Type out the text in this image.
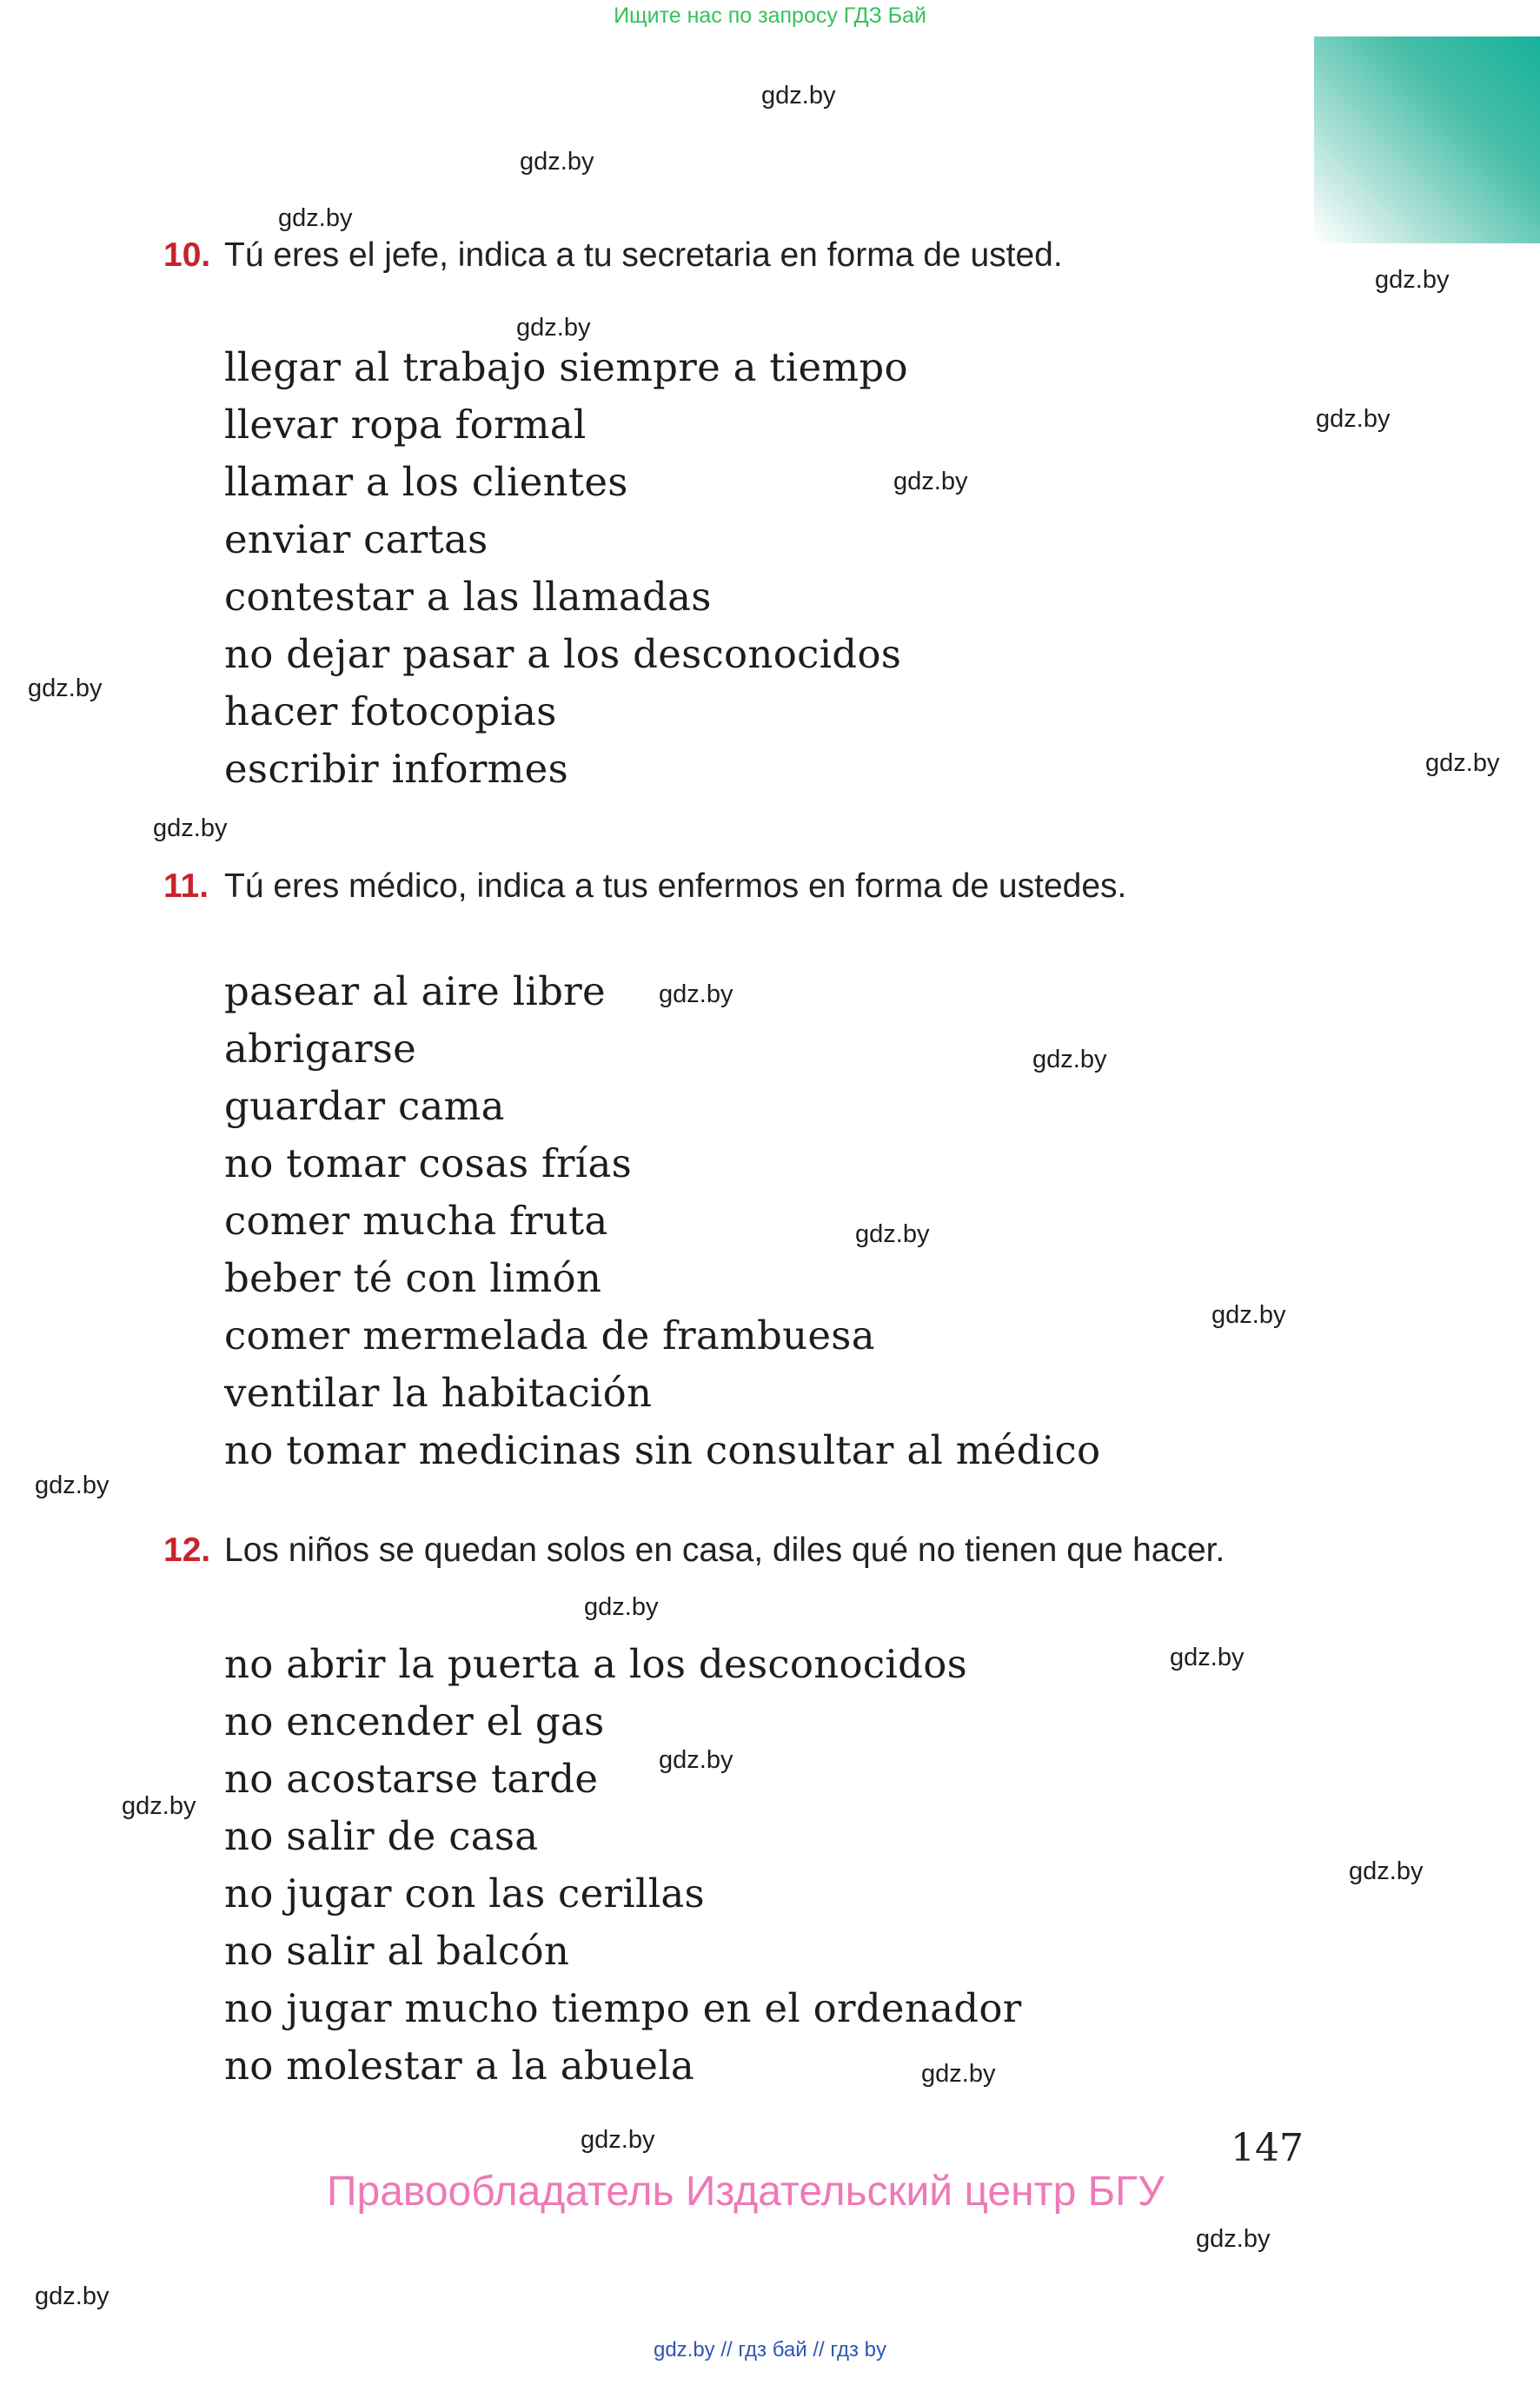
Ищите нас по запросу ГДЗ Бай
gdz.by
gdz.by
gdz.by
gdz.by
gdz.by
gdz.by
gdz.by
gdz.by
gdz.by
gdz.by
gdz.by
gdz.by
gdz.by
gdz.by
gdz.by
gdz.by
gdz.by
gdz.by
gdz.by
gdz.by
gdz.by
gdz.by
gdz.by
gdz.by
10. Tú eres el jefe, indica a tu secretaria en forma de usted.
llegar al trabajo siempre a tiempo
llevar ropa formal
llamar a los clientes
enviar cartas
contestar a las llamadas
no dejar pasar a los desconocidos
hacer fotocopias
escribir informes
11. Tú eres médico, indica a tus enfermos en forma de ustedes.
pasear al aire libre
abrigarse
guardar cama
no tomar cosas frías
comer mucha fruta
beber té con limón
comer mermelada de frambuesa
ventilar la habitación
no tomar medicinas sin consultar al médico
12. Los niños se quedan solos en casa, diles qué no tienen que hacer.
no abrir la puerta a los desconocidos
no encender el gas
no acostarse tarde
no salir de casa
no jugar con las cerillas
no salir al balcón
no jugar mucho tiempo en el ordenador
no molestar a la abuela
147
Правообладатель Издательский центр БГУ
gdz.by // гдз бай // гдз by
